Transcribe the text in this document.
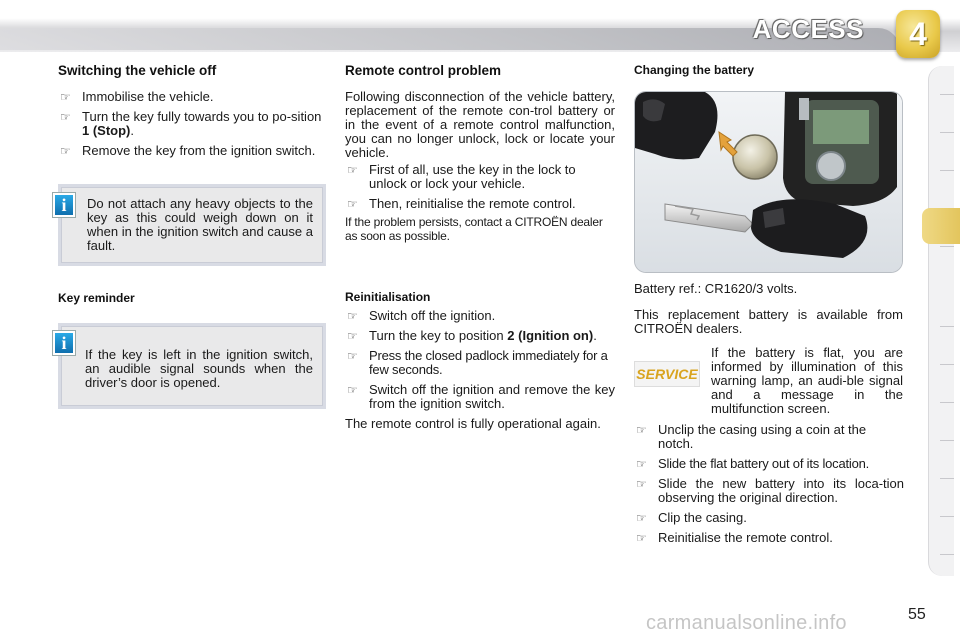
ACCESS	4
Switching the vehicle off
☞ Immobilise the vehicle.
☞ Turn the key fully towards you to po-sition 1 (Stop).
☞ Remove the key from the ignition switch.
Do not attach any heavy objects to the key as this could weigh down on it when in the ignition switch and cause a fault.
i
Key reminder
If the key is left in the ignition switch, an audible signal sounds when the driver’s door is opened.
i
Remote control problem
Following disconnection of the vehicle battery, replacement of the remote con-trol battery or in the event of a remote control malfunction, you can no longer unlock, lock or locate your vehicle.
☞ First of all, use the key in the lock to unlock or lock your vehicle.
☞ Then, reinitialise the remote control.
If the problem persists, contact a CITROËN dealer as soon as possible.
Reinitialisation
☞ Switch off the ignition.
☞ Turn the key to position 2 (Ignition on).
☞ Press the closed padlock immediately for a few seconds.
☞ Switch off the ignition and remove the key from the ignition switch.
The remote control is fully operational again.
Changing the battery
Battery ref.: CR1620/3 volts.
This replacement battery is available from CITROËN dealers.
SERVICE
If the battery is flat, you are informed by illumination of this warning lamp, an audi-ble signal and a message in the multifunction screen.
☞ Unclip the casing using a coin at the notch.
☞ Slide the flat battery out of its location.
☞ Slide the new battery into its loca-tion observing the original direction.
☞ Clip the casing.
☞ Reinitialise the remote control.
carmanualsonline.info	55
